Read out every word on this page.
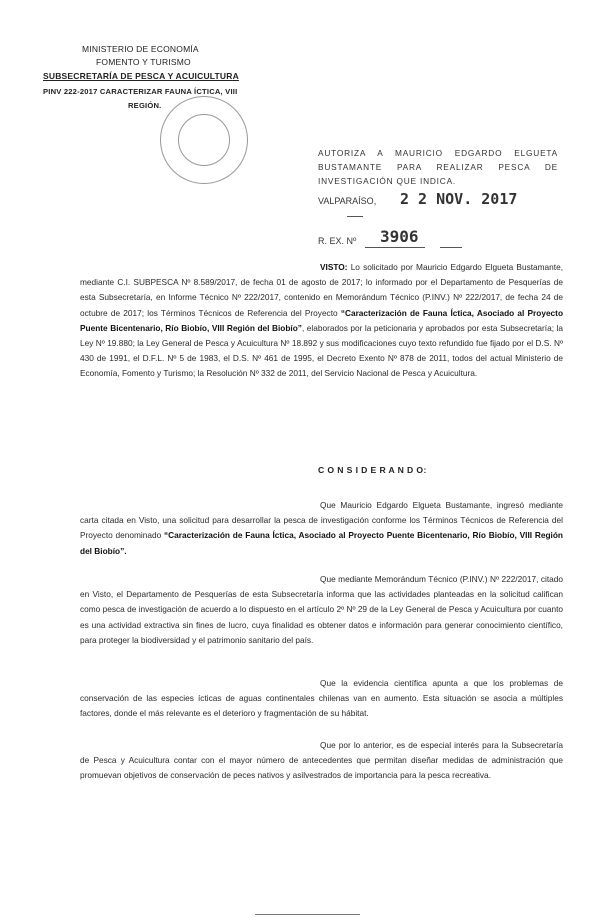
MINISTERIO DE ECONOMÍA
FOMENTO Y TURISMO
SUBSECRETARÍA DE PESCA Y ACUICULTURA
PINV 222-2017 CARACTERIZAR FAUNA ÍCTICA, VIII
REGIÓN.
AUTORIZA A MAURICIO EDGARDO ELGUETA BUSTAMANTE PARA REALIZAR PESCA DE INVESTIGACIÓN QUE INDICA.
VALPARAÍSO, 2 2 NOV. 2017
R. EX. Nº 3906

VISTO: Lo solicitado por Mauricio Edgardo Elgueta Bustamante, mediante C.I. SUBPESCA Nº 8.589/2017, de fecha 01 de agosto de 2017; lo informado por el Departamento de Pesquerías de esta Subsecretaría, en Informe Técnico Nº 222/2017, contenido en Memorándum Técnico (P.INV.) Nº 222/2017, de fecha 24 de octubre de 2017; los Términos Técnicos de Referencia del Proyecto “Caracterización de Fauna Íctica, Asociado al Proyecto Puente Bicentenario, Río Biobío, VIII Región del Biobío”, elaborados por la peticionaria y aprobados por esta Subsecretaría; la Ley Nº 19.880; la Ley General de Pesca y Acuicultura Nº 18.892 y sus modificaciones cuyo texto refundido fue fijado por el D.S. Nº 430 de 1991, el D.F.L. Nº 5 de 1983, el D.S. Nº 461 de 1995, el Decreto Exento Nº 878 de 2011, todos del actual Ministerio de Economía, Fomento y Turismo; la Resolución Nº 332 de 2011, del Servicio Nacional de Pesca y Acuicultura.

C O N S I D E R A N D O:

Que Mauricio Edgardo Elgueta Bustamante, ingresó mediante carta citada en Visto, una solicitud para desarrollar la pesca de investigación conforme los Términos Técnicos de Referencia del Proyecto denominado “Caracterización de Fauna Íctica, Asociado al Proyecto Puente Bicentenario, Río Biobío, VIII Región del Biobío”.

Que mediante Memorándum Técnico (P.INV.) Nº 222/2017, citado en Visto, el Departamento de Pesquerías de esta Subsecretaría informa que las actividades planteadas en la solicitud califican como pesca de investigación de acuerdo a lo dispuesto en el artículo 2º Nº 29 de la Ley General de Pesca y Acuicultura por cuanto es una actividad extractiva sin fines de lucro, cuya finalidad es obtener datos e información para generar conocimiento científico, para proteger la biodiversidad y el patrimonio sanitario del país.

Que la evidencia científica apunta a que los problemas de conservación de las especies ícticas de aguas continentales chilenas van en aumento. Esta situación se asocia a múltiples factores, donde el más relevante es el deterioro y fragmentación de su hábitat.

Que por lo anterior, es de especial interés para la Subsecretaría de Pesca y Acuicultura contar con el mayor número de antecedentes que permitan diseñar medidas de administración que promuevan objetivos de conservación de peces nativos y asilvestrados de importancia para la pesca recreativa.
